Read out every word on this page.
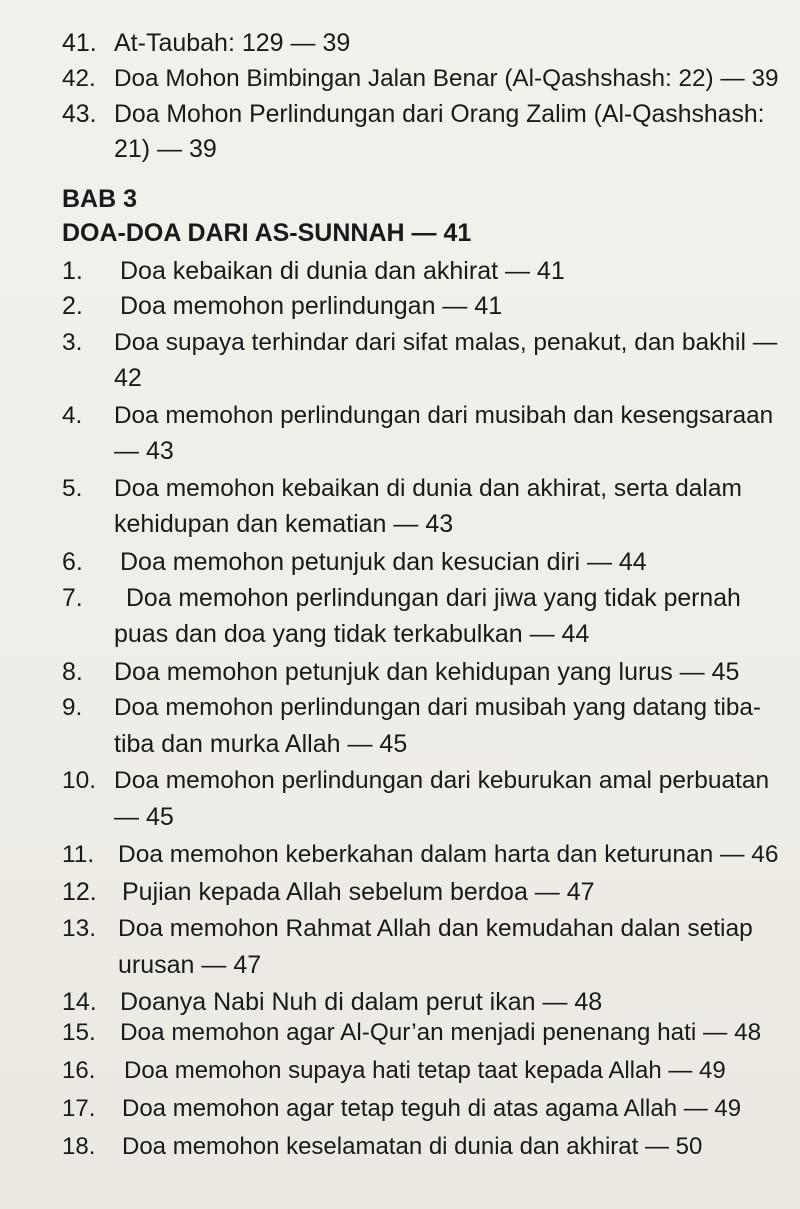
41. At-Taubah: 129 — 39
42. Doa Mohon Bimbingan Jalan Benar (Al-Qashshash: 22) — 39
43. Doa Mohon Perlindungan dari Orang Zalim (Al-Qashshash:
21) — 39
BAB 3
DOA-DOA DARI AS-SUNNAH — 41
1. Doa kebaikan di dunia dan akhirat — 41
2. Doa memohon perlindungan — 41
3. Doa supaya terhindar dari sifat malas, penakut, dan bakhil —
42
4. Doa memohon perlindungan dari musibah dan kesengsaraan
— 43
5. Doa memohon kebaikan di dunia dan akhirat, serta dalam
kehidupan dan kematian — 43
6. Doa memohon petunjuk dan kesucian diri — 44
7. Doa memohon perlindungan dari jiwa yang tidak pernah
puas dan doa yang tidak terkabulkan — 44
8. Doa memohon petunjuk dan kehidupan yang lurus — 45
9. Doa memohon perlindungan dari musibah yang datang tiba-
tiba dan murka Allah — 45
10. Doa memohon perlindungan dari keburukan amal perbuatan
— 45
11. Doa memohon keberkahan dalam harta dan keturunan — 46
12. Pujian kepada Allah sebelum berdoa — 47
13. Doa memohon Rahmat Allah dan kemudahan dalan setiap
urusan — 47
14. Doanya Nabi Nuh di dalam perut ikan — 48
15. Doa memohon agar Al-Qur’an menjadi penenang hati — 48
16. Doa memohon supaya hati tetap taat kepada Allah — 49
17. Doa memohon agar tetap teguh di atas agama Allah — 49
18. Doa memohon keselamatan di dunia dan akhirat — 50
